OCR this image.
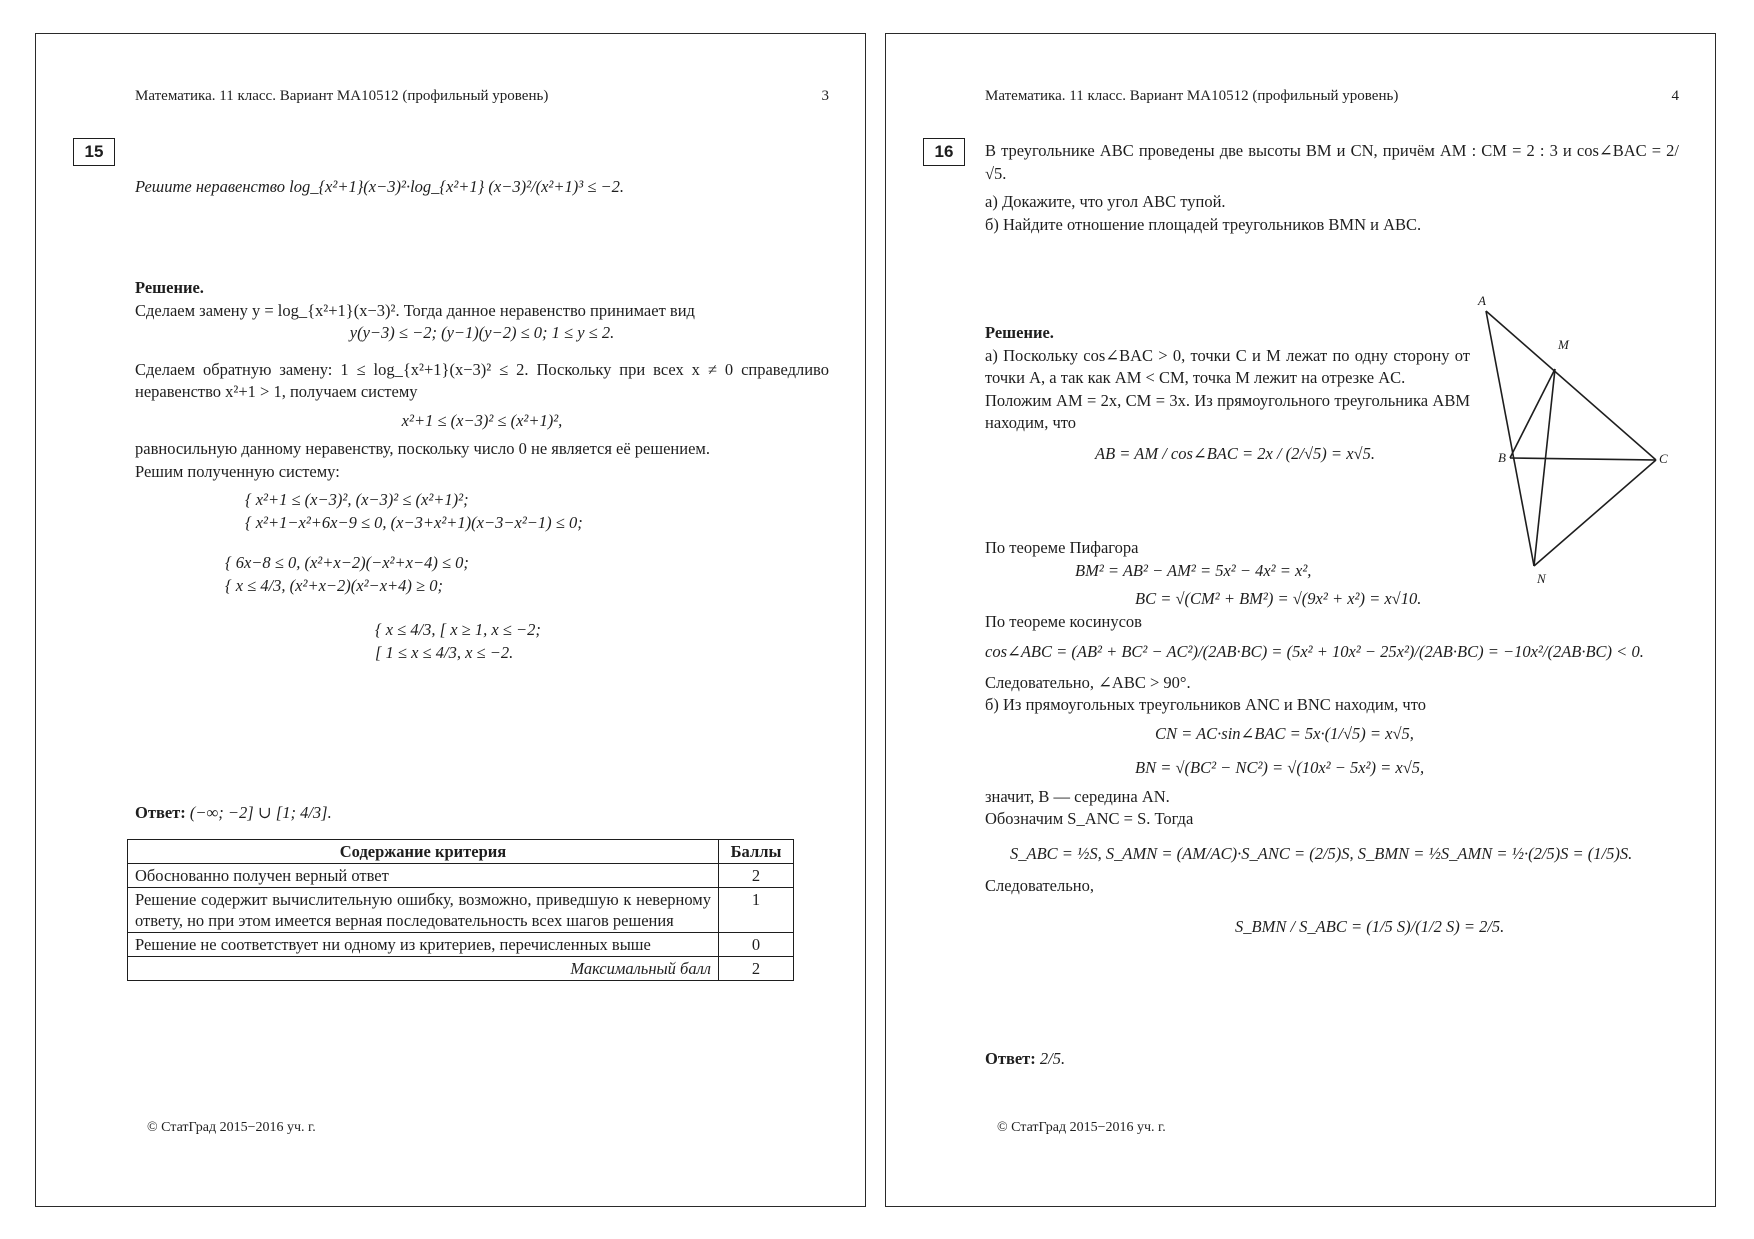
Математика. 11 класс. Вариант МА10512 (профильный уровень)	3
15
Решите неравенство log_{x²+1}(x−3)²·log_{x²+1} (x−3)²/(x²+1)³ ≤ −2.
Решение.
Сделаем замену y = log_{x²+1}(x−3)². Тогда данное неравенство принимает вид
y(y−3) ≤ −2; (y−1)(y−2) ≤ 0; 1 ≤ y ≤ 2.
Сделаем обратную замену: 1 ≤ log_{x²+1}(x−3)² ≤ 2. Поскольку при всех x ≠ 0 справедливо неравенство x²+1 > 1, получаем систему
x²+1 ≤ (x−3)² ≤ (x²+1)²,
равносильную данному неравенству, поскольку число 0 не является её решением.
Решим полученную систему:
{ x²+1 ≤ (x−3)², (x−3)² ≤ (x²+1)²;
{ x²+1−x²+6x−9 ≤ 0, (x−3+x²+1)(x−3−x²−1) ≤ 0;
{ 6x−8 ≤ 0, (x²+x−2)(−x²+x−4) ≤ 0;
{ x ≤ 4/3, (x²+x−2)(x²−x+4) ≥ 0;
{ x ≤ 4/3, [ x ≥ 1, x ≤ −2;
[ 1 ≤ x ≤ 4/3, x ≤ −2.
Ответ: (−∞; −2] ∪ [1; 4/3].
Содержание критерия	Баллы
Обоснованно получен верный ответ	2
Решение содержит вычислительную ошибку, возможно, приведшую к неверному ответу, но при этом имеется верная последовательность всех шагов решения	1
Решение не соответствует ни одному из критериев, перечисленных выше	0
Максимальный балл	2
© СтатГрад 2015−2016 уч. г.
Математика. 11 класс. Вариант МА10512 (профильный уровень)	4
16	В треугольнике ABC проведены две высоты BM и CN, причём AM : CM = 2 : 3 и cos∠BAC = 2/√5.
а) Докажите, что угол ABC тупой.
б) Найдите отношение площадей треугольников BMN и ABC.
A
B	C
M
N
Решение.
а) Поскольку cos∠BAC > 0, точки C и M лежат по одну сторону от точки A, а так как AM < CM, точка M лежит на отрезке AC.
Положим AM = 2x, CM = 3x. Из прямоугольного треугольника ABM находим, что
AB = AM / cos∠BAC = 2x / (2/√5) = x√5.
По теореме Пифагора
BM² = AB² − AM² = 5x² − 4x² = x²,
BC = √(CM² + BM²) = √(9x² + x²) = x√10.
По теореме косинусов
cos∠ABC = (AB² + BC² − AC²)/(2AB·BC) = (5x² + 10x² − 25x²)/(2AB·BC) = −10x²/(2AB·BC) < 0.
Следовательно, ∠ABC > 90°.
б) Из прямоугольных треугольников ANC и BNC находим, что
CN = AC·sin∠BAC = 5x·(1/√5) = x√5,
BN = √(BC² − NC²) = √(10x² − 5x²) = x√5,
значит, B — середина AN.
Обозначим S_ANC = S. Тогда
S_ABC = ½S, S_AMN = (AM/AC)·S_ANC = (2/5)S, S_BMN = ½S_AMN = ½·(2/5)S = (1/5)S.
Следовательно,
S_BMN / S_ABC = (1/5 S)/(1/2 S) = 2/5.
Ответ: 2/5.
© СтатГрад 2015−2016 уч. г.
